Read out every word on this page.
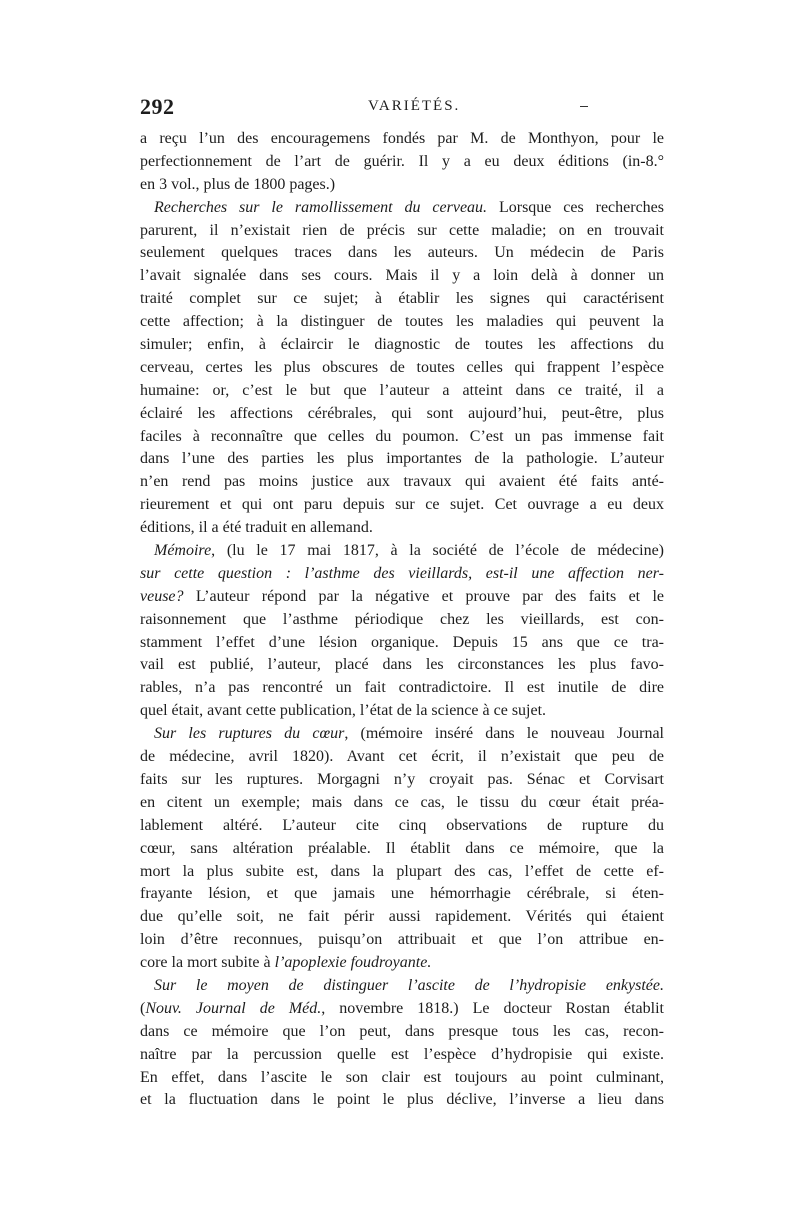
292	VARIÉTÉS.
a reçu l’un des encouragemens fondés par M. de Monthyon, pour le
perfectionnement de l’art de guérir. Il y a eu deux éditions (in-8.°
en 3 vol., plus de 1800 pages.)
Recherches sur le ramollissement du cerveau. Lorsque ces recherches
parurent, il n’existait rien de précis sur cette maladie; on en trouvait
seulement quelques traces dans les auteurs. Un médecin de Paris
l’avait signalée dans ses cours. Mais il y a loin delà à donner un
traité complet sur ce sujet; à établir les signes qui caractérisent
cette affection; à la distinguer de toutes les maladies qui peuvent la
simuler; enfin, à éclaircir le diagnostic de toutes les affections du
cerveau, certes les plus obscures de toutes celles qui frappent l’espèce
humaine: or, c’est le but que l’auteur a atteint dans ce traité, il a
éclairé les affections cérébrales, qui sont aujourd’hui, peut-être, plus
faciles à reconnaître que celles du poumon. C’est un pas immense fait
dans l’une des parties les plus importantes de la pathologie. L’auteur
n’en rend pas moins justice aux travaux qui avaient été faits anté-
rieurement et qui ont paru depuis sur ce sujet. Cet ouvrage a eu deux
éditions, il a été traduit en allemand.
Mémoire, (lu le 17 mai 1817, à la société de l’école de médecine)
sur cette question : l’asthme des vieillards, est-il une affection ner-
veuse? L’auteur répond par la négative et prouve par des faits et le
raisonnement que l’asthme périodique chez les vieillards, est con-
stamment l’effet d’une lésion organique. Depuis 15 ans que ce tra-
vail est publié, l’auteur, placé dans les circonstances les plus favo-
rables, n’a pas rencontré un fait contradictoire. Il est inutile de dire
quel était, avant cette publication, l’état de la science à ce sujet.
Sur les ruptures du cœur, (mémoire inséré dans le nouveau Journal
de médecine, avril 1820). Avant cet écrit, il n’existait que peu de
faits sur les ruptures. Morgagni n’y croyait pas. Sénac et Corvisart
en citent un exemple; mais dans ce cas, le tissu du cœur était préa-
lablement altéré. L’auteur cite cinq observations de rupture du
cœur, sans altération préalable. Il établit dans ce mémoire, que la
mort la plus subite est, dans la plupart des cas, l’effet de cette ef-
frayante lésion, et que jamais une hémorrhagie cérébrale, si éten-
due qu’elle soit, ne fait périr aussi rapidement. Vérités qui étaient
loin d’être reconnues, puisqu’on attribuait et que l’on attribue en-
core la mort subite à l’apoplexie foudroyante.
Sur le moyen de distinguer l’ascite de l’hydropisie enkystée.
(Nouv. Journal de Méd., novembre 1818.) Le docteur Rostan établit
dans ce mémoire que l’on peut, dans presque tous les cas, recon-
naître par la percussion quelle est l’espèce d’hydropisie qui existe.
En effet, dans l’ascite le son clair est toujours au point culminant,
et la fluctuation dans le point le plus déclive, l’inverse a lieu dans
